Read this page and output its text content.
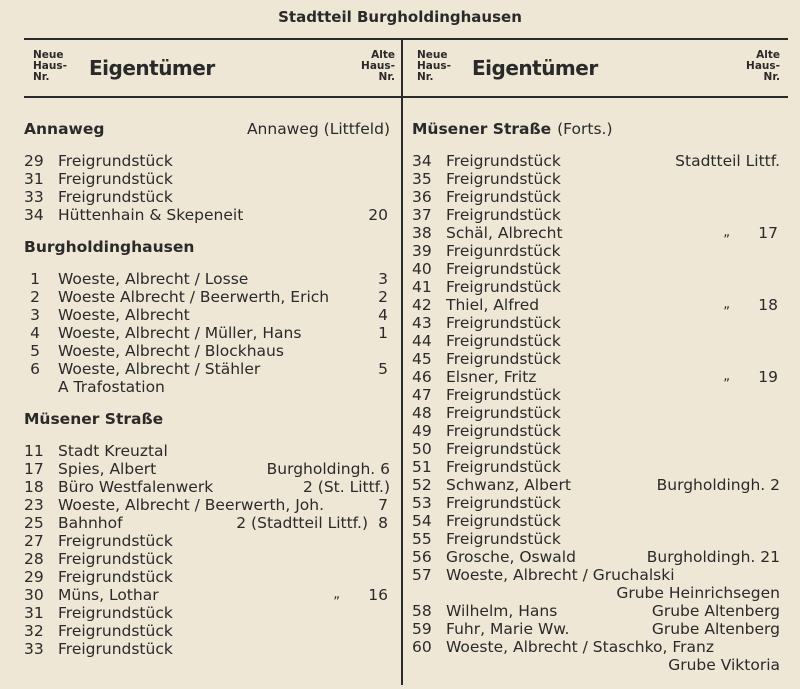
Stadtteil Burgholdinghausen
Neue
Haus-
Nr.	Eigentümer
Alte
Haus-
Nr.
Neue
Haus-
Nr.	Eigentümer
Alte
Haus-
Nr.
Annaweg	Annaweg (Littfeld)
29 Freigrundstück
31 Freigrundstück
33 Freigrundstück
34 Hüttenhain & Skepeneit	20
Burgholdinghausen
1 Woeste, Albrecht / Losse	3
2 Woeste Albrecht / Beerwerth, Erich	2
3 Woeste, Albrecht	4
4 Woeste, Albrecht / Müller, Hans	1
5 Woeste, Albrecht / Blockhaus
6 Woeste, Albrecht / Stähler	5
A Trafostation
Müsener Straße
11 Stadt Kreuztal
17 Spies, Albert	Burgholdingh. 6
18 Büro Westfalenwerk	2 (St. Littf.)
23 Woeste, Albrecht / Beerwerth, Joh.	7
25 Bahnhof	2 (Stadtteil Littf.) 8
27 Freigrundstück
28 Freigrundstück
29 Freigrundstück
30 Müns, Lothar	„ 16
31 Freigrundstück
32 Freigrundstück
33 Freigrundstück
Müsener Straße (Forts.)
34 Freigrundstück	Stadtteil Littf.
35 Freigrundstück
36 Freigrundstück
37 Freigrundstück
38 Schäl, Albrecht	„ 17
39 Freigunrdstück
40 Freigrundstück
41 Freigrundstück
42 Thiel, Alfred	„ 18
43 Freigrundstück
44 Freigrundstück
45 Freigrundstück
46 Elsner, Fritz	„ 19
47 Freigrundstück
48 Freigrundstück
49 Freigrundstück
50 Freigrundstück
51 Freigrundstück
52 Schwanz, Albert	Burgholdingh. 2
53 Freigrundstück
54 Freigrundstück
55 Freigrundstück
56 Grosche, Oswald	Burgholdingh. 21
57 Woeste, Albrecht / Gruchalski
Grube Heinrichsegen
58 Wilhelm, Hans	Grube Altenberg
59 Fuhr, Marie Ww.	Grube Altenberg
60 Woeste, Albrecht / Staschko, Franz
Grube Viktoria
